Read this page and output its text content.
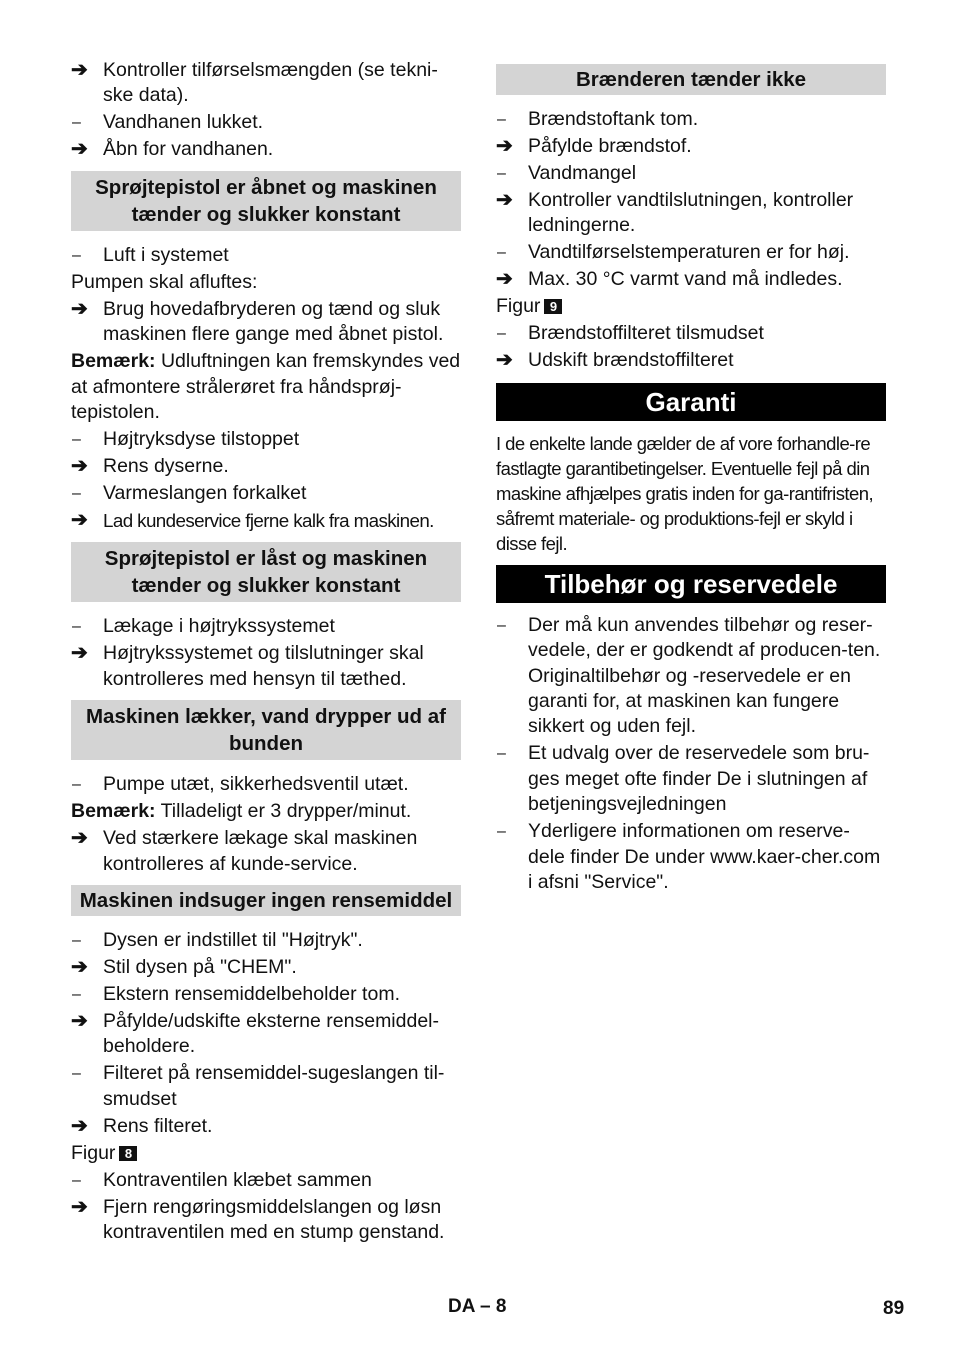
➔ Kontroller tilførselsmængden (se tekni-ske data).
–	Vandhanen lukket.
➔ Åbn for vandhanen.
Sprøjtepistol er åbnet og maskinen tænder og slukker konstant
–	Luft i systemet
Pumpen skal afluftes:
➔ Brug hovedafbryderen og tænd og sluk maskinen flere gange med åbnet pistol.
Bemærk: Udluftningen kan fremskyndes ved at afmontere strålerøret fra håndsprøj-tepistolen.
–	Højtryksdyse tilstoppet
➔ Rens dyserne.
–	Varmeslangen forkalket
➔ Lad kundeservice fjerne kalk fra maskinen.
Sprøjtepistol er låst og maskinen tænder og slukker konstant
–	Lækage i højtrykssystemet
➔ Højtrykssystemet og tilslutninger skal kontrolleres med hensyn til tæthed.
Maskinen lækker, vand drypper ud af bunden
–	Pumpe utæt, sikkerhedsventil utæt.
Bemærk: Tilladeligt er 3 drypper/minut.
➔ Ved stærkere lækage skal maskinen kontrolleres af kunde-service.
Maskinen indsuger ingen rensemiddel
–	Dysen er indstillet til "Højtryk".
➔ Stil dysen på "CHEM".
–	Ekstern rensemiddelbeholder tom.
➔ Påfylde/udskifte eksterne rensemiddel-beholdere.
–	Filteret på rensemiddel-sugeslangen til-smudset
➔ Rens filteret.
Figur 8
–	Kontraventilen klæbet sammen
➔ Fjern rengøringsmiddelslangen og løsn kontraventilen med en stump genstand.
Brænderen tænder ikke
–	Brændstoftank tom.
➔ Påfylde brændstof.
–	Vandmangel
➔ Kontroller vandtilslutningen, kontroller ledningerne.
–	Vandtilførselstemperaturen er for høj.
➔ Max. 30 °C varmt vand må indledes.
Figur 9
–	Brændstoffilteret tilsmudset
➔ Udskift brændstoffilteret
Garanti
I de enkelte lande gælder de af vore forhandle-re fastlagte garantibetingelser. Eventuelle fejl på din maskine afhjælpes gratis inden for ga-rantifristen, såfremt materiale- og produktions-fejl er skyld i disse fejl.
Tilbehør og reservedele
–	Der må kun anvendes tilbehør og reser-vedele, der er godkendt af producen-ten. Originaltilbehør og -reservedele er en garanti for, at maskinen kan fungere sikkert og uden fejl.
–	Et udvalg over de reservedele som bru-ges meget ofte finder De i slutningen af betjeningsvejledningen
–	Yderligere informationen om reserve-dele finder De under www.kaer-cher.com i afsni "Service".
DA – 8	89
